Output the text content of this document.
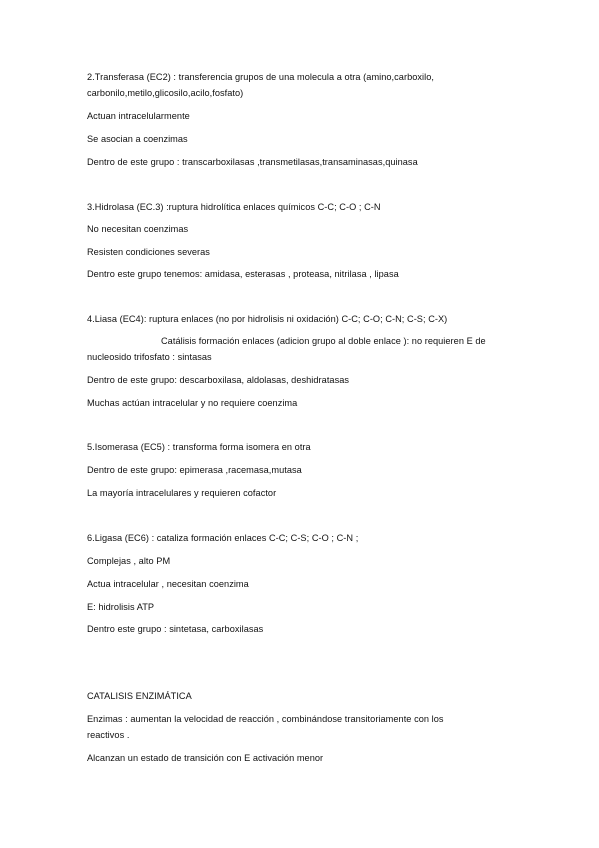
2.Transferasa (EC2) : transferencia grupos de una molecula a otra (amino,carboxilo,
carbonilo,metilo,glicosilo,acilo,fosfato)
Actuan intracelularmente
Se asocian a coenzimas
Dentro de este grupo : transcarboxilasas ,transmetilasas,transaminasas,quinasa
3.Hidrolasa (EC.3) :ruptura hidrolítica enlaces químicos C-C; C-O ; C-N
No necesitan coenzimas
Resisten condiciones severas
Dentro este grupo tenemos: amidasa, esterasas , proteasa, nitrilasa , lipasa
4.Liasa (EC4): ruptura enlaces (no por hidrolisis ni oxidación) C-C; C-O; C-N; C-S; C-X)
Catálisis formación enlaces (adicion grupo al doble enlace ): no requieren E de
nucleosido trifosfato : sintasas
Dentro de este grupo: descarboxilasa, aldolasas, deshidratasas
Muchas actúan intracelular y no requiere coenzima
5.Isomerasa (EC5) : transforma forma isomera en otra
Dentro de este grupo: epimerasa ,racemasa,mutasa
La mayoría intracelulares y requieren cofactor
6.Ligasa (EC6) : cataliza formación enlaces C-C; C-S; C-O ; C-N ;
Complejas , alto PM
Actua intracelular , necesitan coenzima
E: hidrolisis ATP
Dentro este grupo : sintetasa, carboxilasas
CATALISIS ENZIMÁTICA
Enzimas : aumentan la velocidad de reacción , combinándose transitoriamente con los
reactivos .
Alcanzan un estado de transición con E activación menor
